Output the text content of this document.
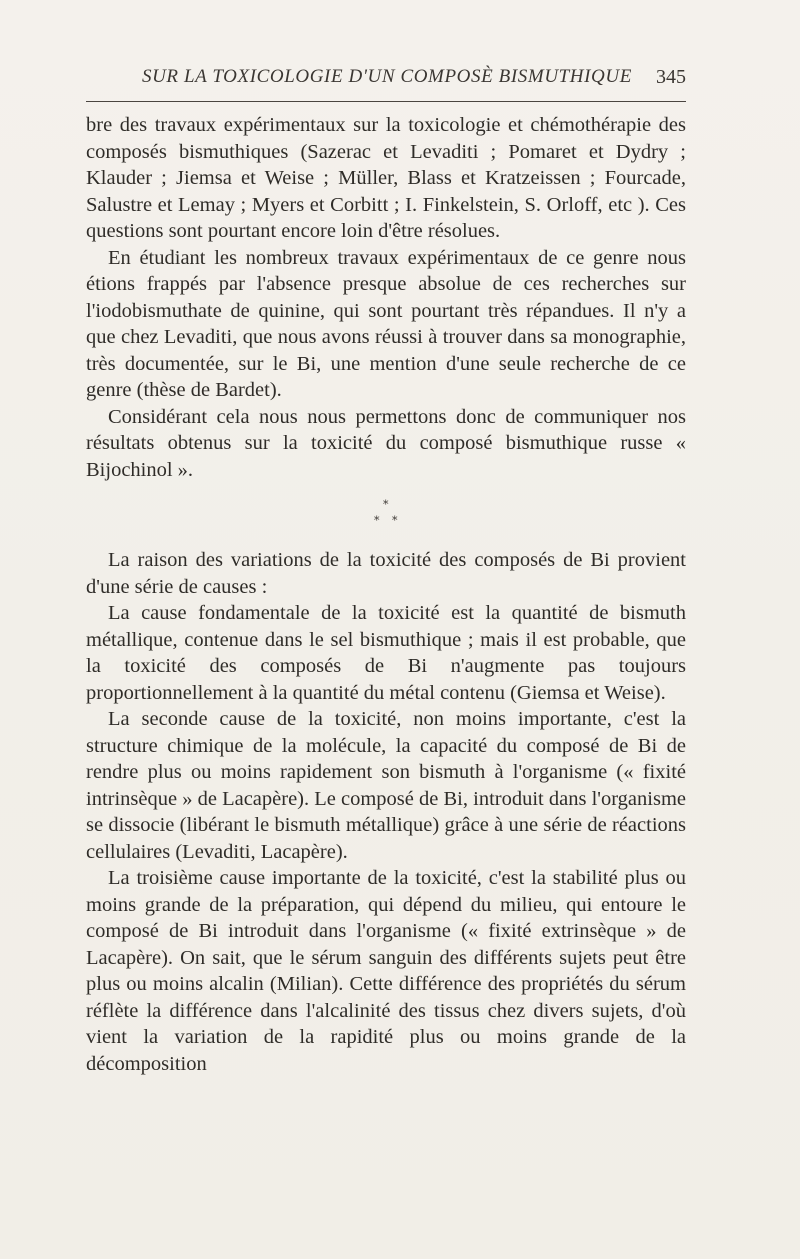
SUR LA TOXICOLOGIE D'UN COMPOSÈ BISMUTHIQUE 345

bre des travaux expérimentaux sur la toxicologie et chémothérapie des composés bismuthiques (Sazerac et Levaditi ; Pomaret et Dydry ; Klauder ; Jiemsa et Weise ; Müller, Blass et Kratzeissen ; Fourcade, Salustre et Lemay ; Myers et Corbitt ; I. Finkelstein, S. Orloff, etc ). Ces questions sont pourtant encore loin d'être résolues.

En étudiant les nombreux travaux expérimentaux de ce genre nous étions frappés par l'absence presque absolue de ces recherches sur l'iodobismuthate de quinine, qui sont pourtant très répandues. Il n'y a que chez Levaditi, que nous avons réussi à trouver dans sa monographie, très documentée, sur le Bi, une mention d'une seule recherche de ce genre (thèse de Bardet).

Considérant cela nous nous permettons donc de communiquer nos résultats obtenus sur la toxicité du composé bismuthique russe « Bijochinol ».

*
* *

La raison des variations de la toxicité des composés de Bi provient d'une série de causes :

La cause fondamentale de la toxicité est la quantité de bismuth métallique, contenue dans le sel bismuthique ; mais il est probable, que la toxicité des composés de Bi n'augmente pas toujours proportionnellement à la quantité du métal contenu (Giemsa et Weise).

La seconde cause de la toxicité, non moins importante, c'est la structure chimique de la molécule, la capacité du composé de Bi de rendre plus ou moins rapidement son bismuth à l'organisme (« fixité intrinsèque » de Lacapère). Le composé de Bi, introduit dans l'organisme se dissocie (libérant le bismuth métallique) grâce à une série de réactions cellulaires (Levaditi, Lacapère).

La troisième cause importante de la toxicité, c'est la stabilité plus ou moins grande de la préparation, qui dépend du milieu, qui entoure le composé de Bi introduit dans l'organisme (« fixité extrinsèque » de Lacapère). On sait, que le sérum sanguin des différents sujets peut être plus ou moins alcalin (Milian). Cette différence des propriétés du sérum réflète la différence dans l'alcalinité des tissus chez divers sujets, d'où vient la variation de la rapidité plus ou moins grande de la décomposition
